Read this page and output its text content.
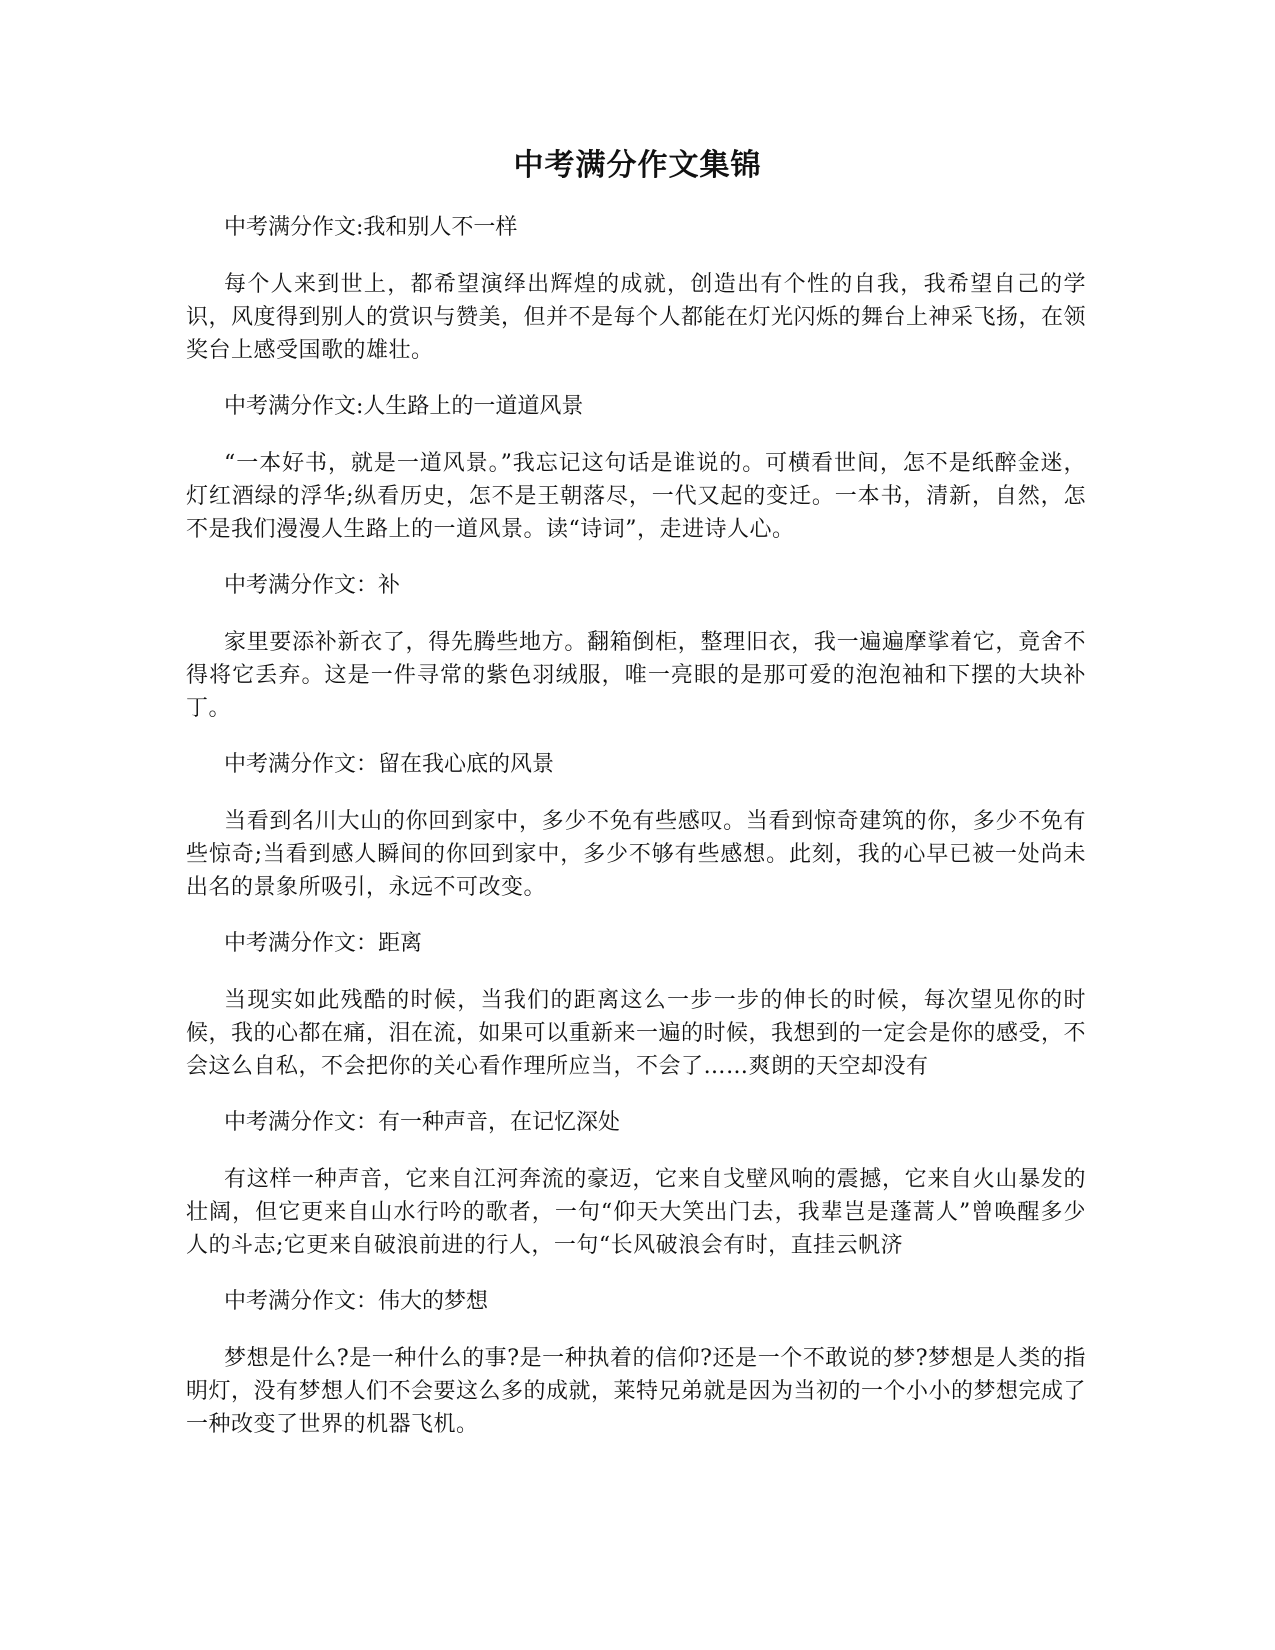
中考满分作文集锦
中考满分作文:我和别人不一样
每个人来到世上，都希望演绎出辉煌的成就，创造出有个性的自我，我希望自己的学识，风度得到别人的赏识与赞美，但并不是每个人都能在灯光闪烁的舞台上神采飞扬，在领奖台上感受国歌的雄壮。
中考满分作文:人生路上的一道道风景
“一本好书，就是一道风景。”我忘记这句话是谁说的。可横看世间，怎不是纸醉金迷，灯红酒绿的浮华;纵看历史，怎不是王朝落尽，一代又起的变迁。一本书，清新，自然，怎不是我们漫漫人生路上的一道风景。读“诗词”，走进诗人心。
中考满分作文：补
家里要添补新衣了，得先腾些地方。翻箱倒柜，整理旧衣，我一遍遍摩挲着它，竟舍不得将它丢弃。这是一件寻常的紫色羽绒服，唯一亮眼的是那可爱的泡泡袖和下摆的大块补丁。
中考满分作文：留在我心底的风景
当看到名川大山的你回到家中，多少不免有些感叹。当看到惊奇建筑的你，多少不免有些惊奇;当看到感人瞬间的你回到家中，多少不够有些感想。此刻，我的心早已被一处尚未出名的景象所吸引，永远不可改变。
中考满分作文：距离
当现实如此残酷的时候，当我们的距离这么一步一步的伸长的时候，每次望见你的时候，我的心都在痛，泪在流，如果可以重新来一遍的时候，我想到的一定会是你的感受，不会这么自私，不会把你的关心看作理所应当，不会了……爽朗的天空却没有
中考满分作文：有一种声音，在记忆深处
有这样一种声音，它来自江河奔流的豪迈，它来自戈壁风响的震撼，它来自火山暴发的壮阔，但它更来自山水行吟的歌者，一句“仰天大笑出门去，我辈岂是蓬蒿人”曾唤醒多少人的斗志;它更来自破浪前进的行人，一句“长风破浪会有时，直挂云帆济
中考满分作文：伟大的梦想
梦想是什么?是一种什么的事?是一种执着的信仰?还是一个不敢说的梦?梦想是人类的指明灯，没有梦想人们不会要这么多的成就，莱特兄弟就是因为当初的一个小小的梦想完成了一种改变了世界的机器飞机。
